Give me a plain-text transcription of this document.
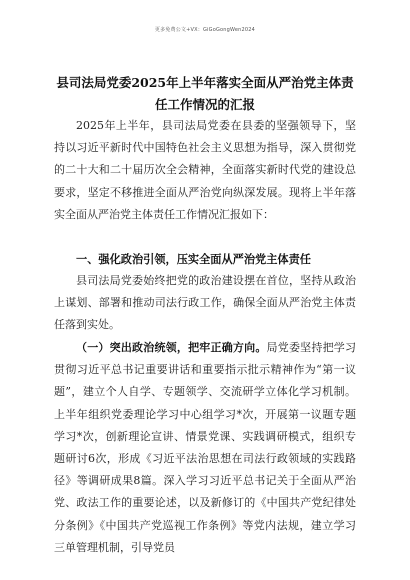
更多免费公文+VX：GiGoGongWen2024
县司法局党委2025年上半年落实全面从严治党主体责任工作情况的汇报

2025年上半年，县司法局党委在县委的坚强领导下，坚持以习近平新时代中国特色社会主义思想为指导，深入贯彻党的二十大和二十届历次全会精神，全面落实新时代党的建设总要求，坚定不移推进全面从严治党向纵深发展。现将上半年落实全面从严治党主体责任工作情况汇报如下：

一、强化政治引领，压实全面从严治党主体责任

县司法局党委始终把党的政治建设摆在首位，坚持从政治上谋划、部署和推动司法行政工作，确保全面从严治党主体责任落到实处。

（一）突出政治统领，把牢正确方向。局党委坚持把学习贯彻习近平总书记重要讲话和重要指示批示精神作为“第一议题”，建立个人自学、专题领学、交流研学立体化学习机制。上半年组织党委理论学习中心组学习*次，开展第一议题专题学习*次，创新理论宣讲、情景党课、实践调研模式，组织专题研讨6次，形成《习近平法治思想在司法行政领域的实践路径》等调研成果8篇。深入学习习近平总书记关于全面从严治党、政法工作的重要论述，以及新修订的《中国共产党纪律处分条例》《中国共产党巡视工作条例》等党内法规，建立学习三单管理机制，引导党员
